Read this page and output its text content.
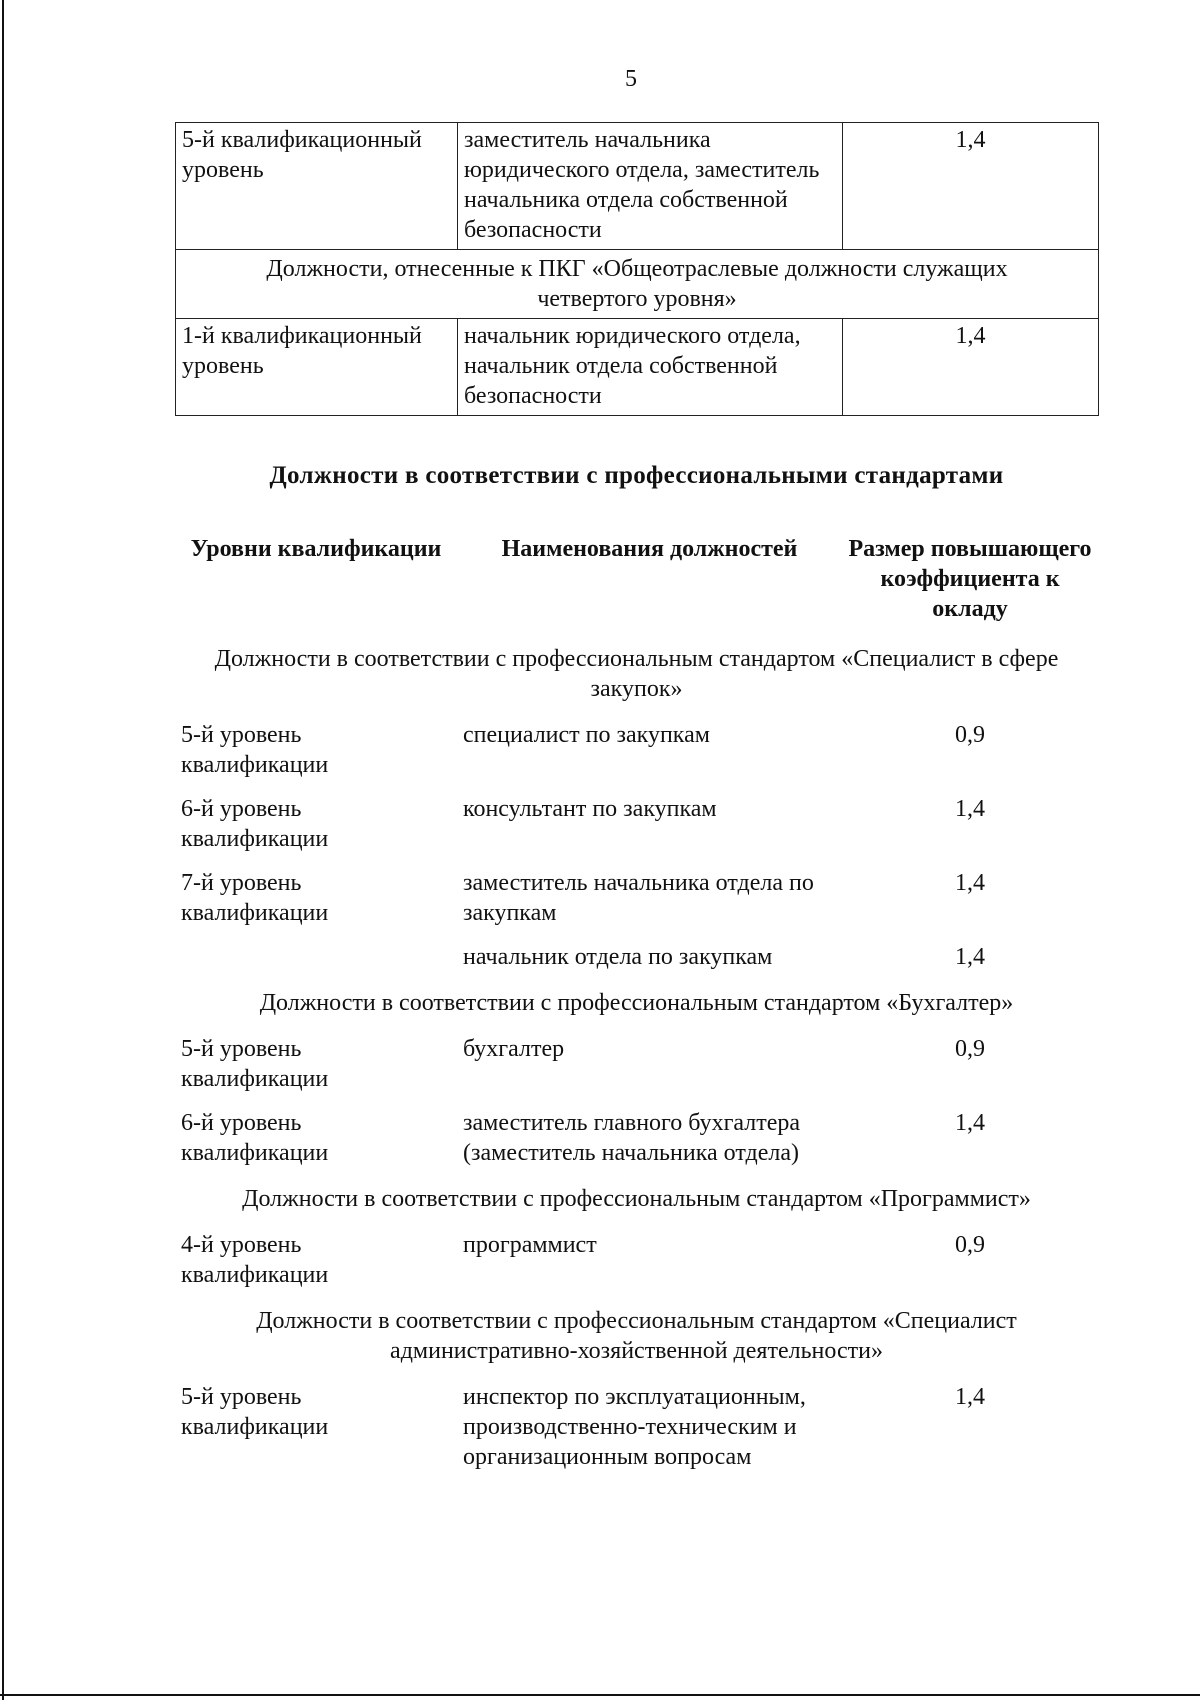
5
5-й квалификационный уровень	заместитель начальника юридического отдела, заместитель начальника отдела собственной безопасности	1,4
Должности, отнесенные к ПКГ «Общеотраслевые должности служащих четвертого уровня»		
1-й квалификационный уровень	начальник юридического отдела, начальник отдела собственной безопасности	1,4
Должности в соответствии с профессиональными стандартами
Уровни квалификации	Наименования должностей	Размер повышающего коэффициента к окладу
Должности в соответствии с профессиональным стандартом «Специалист в сфере закупок»		
5-й уровень квалификации	специалист по закупкам	0,9
6-й уровень квалификации	консультант по закупкам	1,4
7-й уровень квалификации	заместитель начальника отдела по закупкам	1,4
	начальник отдела по закупкам	1,4
Должности в соответствии с профессиональным стандартом «Бухгалтер»		
5-й уровень квалификации	бухгалтер	0,9
6-й уровень квалификации	заместитель главного бухгалтера (заместитель начальника отдела)	1,4
Должности в соответствии с профессиональным стандартом «Программист»		
4-й уровень квалификации	программист	0,9
Должности в соответствии с профессиональным стандартом «Специалист административно-хозяйственной деятельности»		
5-й уровень квалификации	инспектор по эксплуатационным, производственно-техническим и организационным вопросам	1,4
